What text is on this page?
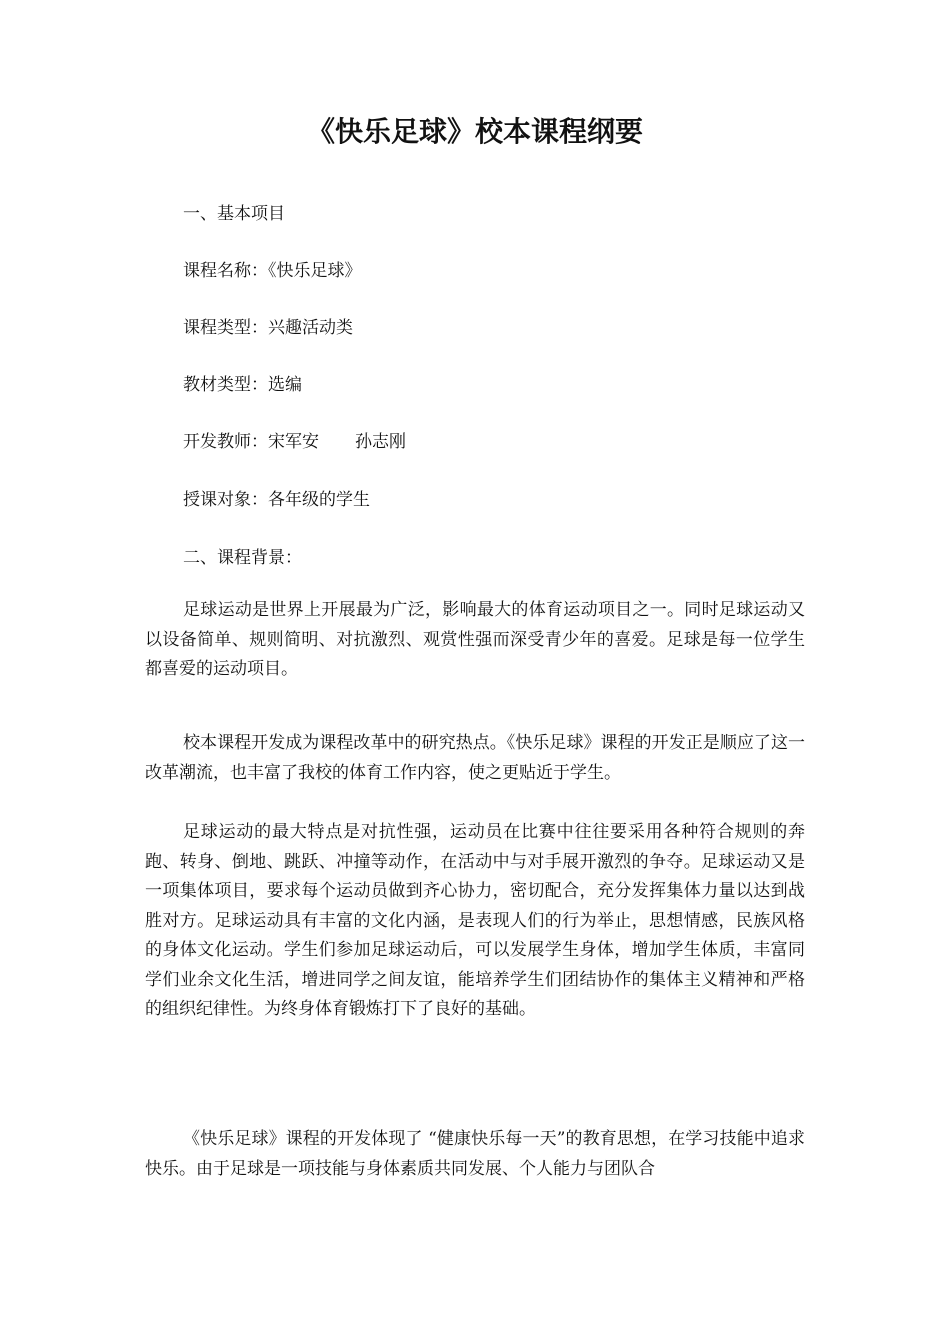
《快乐足球》校本课程纲要

一、基本项目

课程名称：《快乐足球》

课程类型：兴趣活动类

教材类型：选编

开发教师：宋军安 孙志刚

授课对象：各年级的学生

二、课程背景：

足球运动是世界上开展最为广泛，影响最大的体育运动项目之一。同时足球运动又以设备简单、规则简明、对抗激烈、观赏性强而深受青少年的喜爱。足球是每一位学生都喜爱的运动项目。

校本课程开发成为课程改革中的研究热点。《快乐足球》课程的开发正是顺应了这一改革潮流，也丰富了我校的体育工作内容，使之更贴近于学生。

足球运动的最大特点是对抗性强，运动员在比赛中往往要采用各种符合规则的奔跑、转身、倒地、跳跃、冲撞等动作，在活动中与对手展开激烈的争夺。足球运动又是一项集体项目，要求每个运动员做到齐心协力，密切配合，充分发挥集体力量以达到战胜对方。足球运动具有丰富的文化内涵，是表现人们的行为举止，思想情感，民族风格的身体文化运动。学生们参加足球运动后，可以发展学生身体，增加学生体质，丰富同学们业余文化生活，增进同学之间友谊，能培养学生们团结协作的集体主义精神和严格的组织纪律性。为终身体育锻炼打下了良好的基础。

《快乐足球》课程的开发体现了 “健康快乐每一天”的教育思想，在学习技能中追求快乐。由于足球是一项技能与身体素质共同发展、个人能力与团队合
